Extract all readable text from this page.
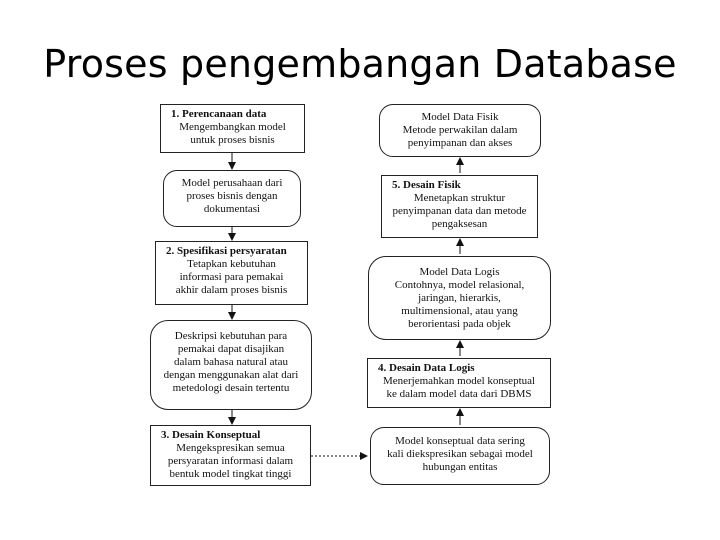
Proses pengembangan Database
1. Perencanaan data
Mengembangkan model
untuk proses bisnis
Model perusahaan dari
proses bisnis dengan
dokumentasi
2. Spesifikasi persyaratan
Tetapkan kebutuhan
informasi para pemakai
akhir dalam proses bisnis
Deskripsi kebutuhan para
pemakai dapat disajikan
dalam bahasa natural atau
dengan menggunakan alat dari
metedologi desain tertentu
3. Desain Konseptual
Mengekspresikan semua
persyaratan informasi dalam
bentuk model tingkat tinggi
Model Data Fisik
Metode perwakilan dalam
penyimpanan dan akses
5. Desain Fisik
Menetapkan struktur
penyimpanan data dan metode
pengaksesan
Model Data Logis
Contohnya, model relasional,
jaringan, hierarkis,
multimensional, atau yang
berorientasi pada objek
4. Desain Data Logis
Menerjemahkan model konseptual
ke dalam model data dari DBMS
Model konseptual data sering
kali diekspresikan sebagai model
hubungan entitas
